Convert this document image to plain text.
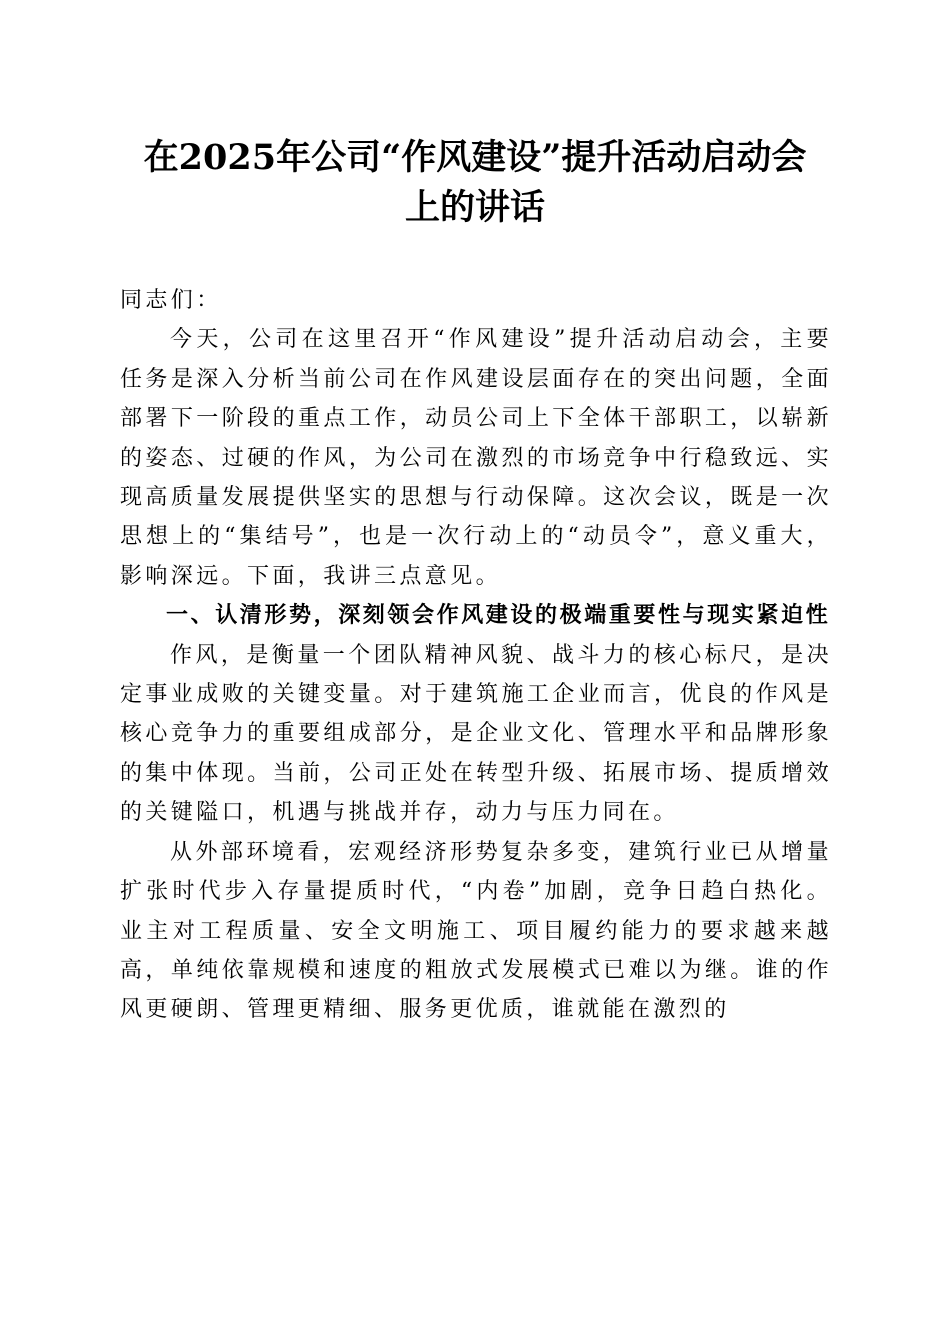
在2025年公司“作风建设”提升活动启动会
上的讲话

同志们：

今天，公司在这里召开“作风建设”提升活动启动会，主要任务是深入分析当前公司在作风建设层面存在的突出问题，全面部署下一阶段的重点工作，动员公司上下全体干部职工，以崭新的姿态、过硬的作风，为公司在激烈的市场竞争中行稳致远、实现高质量发展提供坚实的思想与行动保障。这次会议，既是一次思想上的“集结号”，也是一次行动上的“动员令”，意义重大，影响深远。下面，我讲三点意见。

一、认清形势，深刻领会作风建设的极端重要性与现实紧迫性

作风，是衡量一个团队精神风貌、战斗力的核心标尺，是决定事业成败的关键变量。对于建筑施工企业而言，优良的作风是核心竞争力的重要组成部分，是企业文化、管理水平和品牌形象的集中体现。当前，公司正处在转型升级、拓展市场、提质增效的关键隘口，机遇与挑战并存，动力与压力同在。

从外部环境看，宏观经济形势复杂多变，建筑行业已从增量扩张时代步入存量提质时代，“内卷”加剧，竞争日趋白热化。业主对工程质量、安全文明施工、项目履约能力的要求越来越高，单纯依靠规模和速度的粗放式发展模式已难以为继。谁的作风更硬朗、管理更精细、服务更优质，谁就能在激烈的
